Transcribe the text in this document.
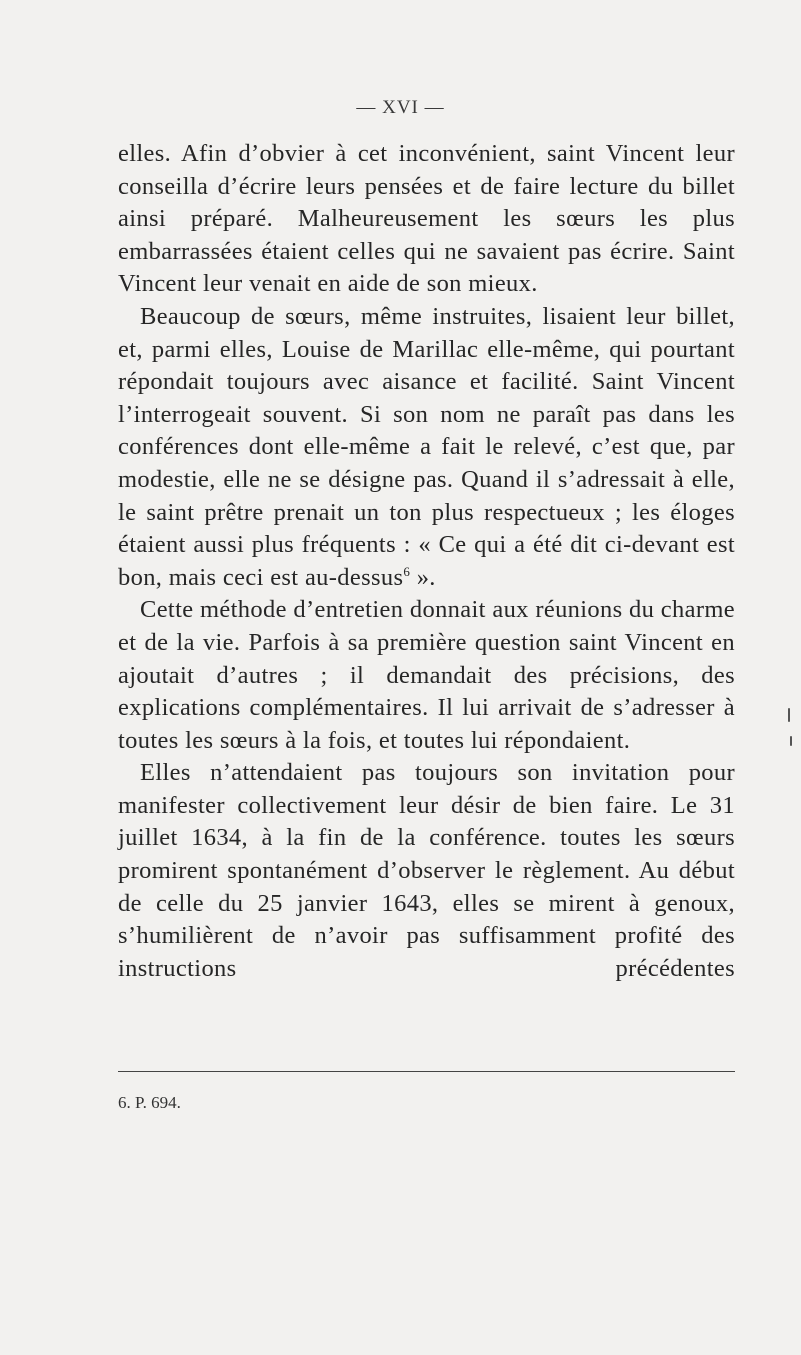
— XVI —

elles. Afin d’obvier à cet inconvénient, saint Vincent leur conseilla d’écrire leurs pensées et de faire lecture du billet ainsi préparé. Malheureusement les sœurs les plus embarrassées étaient celles qui ne savaient pas écrire. Saint Vincent leur venait en aide de son mieux.

Beaucoup de sœurs, même instruites, lisaient leur billet, et, parmi elles, Louise de Marillac elle-même, qui pourtant répondait toujours avec aisance et facilité. Saint Vincent l’interrogeait souvent. Si son nom ne paraît pas dans les conférences dont elle-même a fait le relevé, c’est que, par modestie, elle ne se désigne pas. Quand il s’adressait à elle, le saint prêtre prenait un ton plus respectueux ; les éloges étaient aussi plus fréquents : « Ce qui a été dit ci-devant est bon, mais ceci est au-dessus$^6$ ».

Cette méthode d’entretien donnait aux réunions du charme et de la vie. Parfois à sa première question saint Vincent en ajoutait d’autres ; il demandait des précisions, des explications complémentaires. Il lui arrivait de s’adresser à toutes les sœurs à la fois, et toutes lui répondaient.

Elles n’attendaient pas toujours son invitation pour manifester collectivement leur désir de bien faire. Le 31 juillet 1634, à la fin de la conférence. toutes les sœurs promirent spontanément d’observer le règlement. Au début de celle du 25 janvier 1643, elles se mirent à genoux, s’humilièrent de n’avoir pas suffisamment profité des instructions précédentes

6. P. 694.
